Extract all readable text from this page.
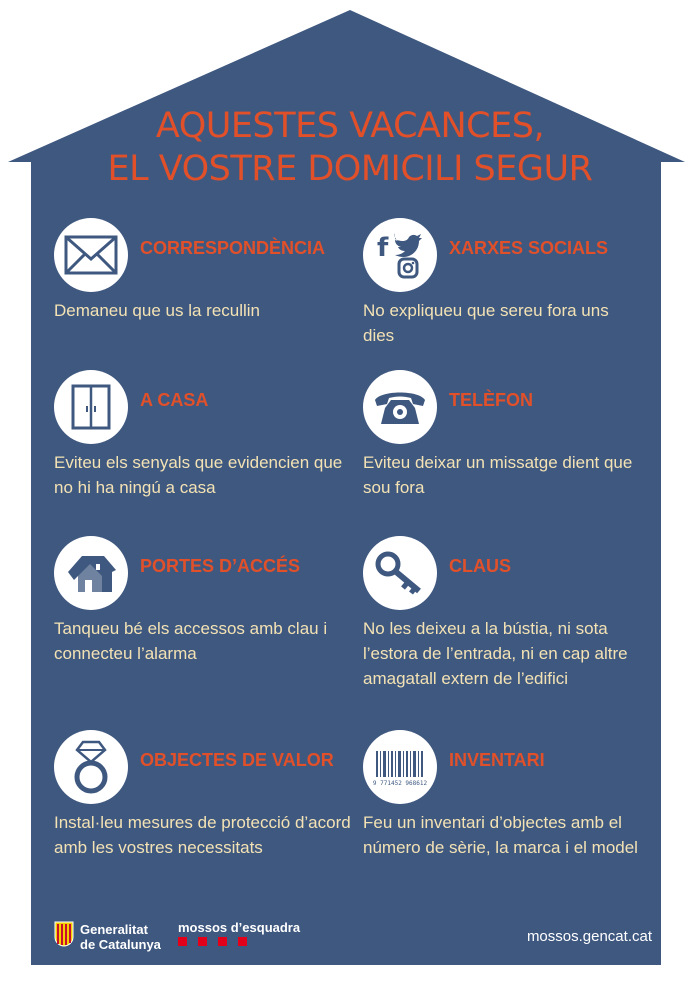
AQUESTES VACANCES,
EL VOSTRE DOMICILI SEGUR
CORRESPONDÈNCIA
Demaneu que us la recullin
f	XARXES SOCIALS
No expliqueu que sereu fora uns dies
A CASA
Eviteu els senyals que evidencien que no hi ha ningú a casa
TELÈFON
Eviteu deixar un missatge dient que sou fora
PORTES D’ACCÉS
Tanqueu bé els accessos amb clau i connecteu l’alarma
CLAUS
No les deixeu a la bústia, ni sota l’estora de l’entrada, ni en cap altre amagatall extern de l’edifici
OBJECTES DE VALOR
Instal·leu mesures de protecció d’acord amb les vostres necessitats
9 771452 968612
INVENTARI
Feu un inventari d’objectes amb el número de sèrie, la marca i el model
Generalitat
de Catalunya
mossos d’esquadra
mossos.gencat.cat
